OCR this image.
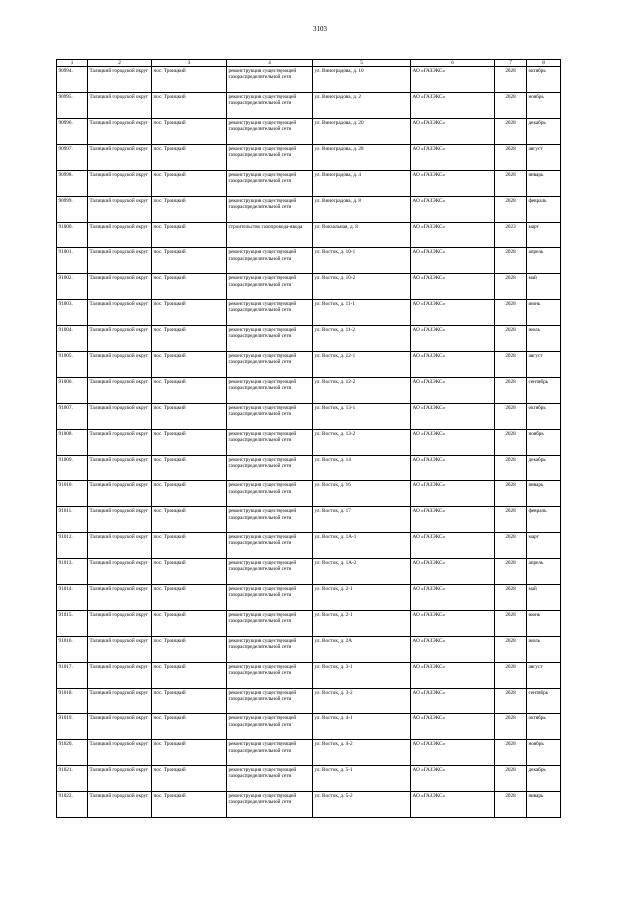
3103
1	2	3	4	5	6	7	8
90994.	Талицкий городской округ	пос. Троицкий	реконструкция существующей газораспределительной сети	ул. Виноградова, д. 10	АО «ГАЗЭКС»	2028	октябрь
90995.	Талицкий городской округ	пос. Троицкий	реконструкция существующей газораспределительной сети	ул. Виноградова, д. 2	АО «ГАЗЭКС»	2028	ноябрь
90996.	Талицкий городской округ	пос. Троицкий	реконструкция существующей газораспределительной сети	ул. Виноградова, д. 20	АО «ГАЗЭКС»	2028	декабрь
90997.	Талицкий городской округ	пос. Троицкий	реконструкция существующей газораспределительной сети	ул. Виноградова, д. 28	АО «ГАЗЭКС»	2028	август
90998.	Талицкий городской округ	пос. Троицкий	реконструкция существующей газораспределительной сети	ул. Виноградова, д. 4	АО «ГАЗЭКС»	2028	январь
90999.	Талицкий городской округ	пос. Троицкий	реконструкция существующей газораспределительной сети	ул. Виноградова, д. 8	АО «ГАЗЭКС»	2028	февраль
91000.	Талицкий городской округ	пос. Троицкий	строительство газопровода-ввода	ул. Вокзальная, д. 8	АО «ГАЗЭКС»	2023	март
91001.	Талицкий городской округ	пос. Троицкий	реконструкция существующей газораспределительной сети	ул. Восток, д. 10-1	АО «ГАЗЭКС»	2028	апрель
91002.	Талицкий городской округ	пос. Троицкий	реконструкция существующей газораспределительной сети	ул. Восток, д. 10-2	АО «ГАЗЭКС»	2028	май
91003.	Талицкий городской округ	пос. Троицкий	реконструкция существующей газораспределительной сети	ул. Восток, д. 11-1	АО «ГАЗЭКС»	2028	июнь
91004.	Талицкий городской округ	пос. Троицкий	реконструкция существующей газораспределительной сети	ул. Восток, д. 11-2	АО «ГАЗЭКС»	2028	июль
91005.	Талицкий городской округ	пос. Троицкий	реконструкция существующей газораспределительной сети	ул. Восток, д. 12-1	АО «ГАЗЭКС»	2028	август
91006.	Талицкий городской округ	пос. Троицкий	реконструкция существующей газораспределительной сети	ул. Восток, д. 12-2	АО «ГАЗЭКС»	2028	сентябрь
91007.	Талицкий городской округ	пос. Троицкий	реконструкция существующей газораспределительной сети	ул. Восток, д. 13-1	АО «ГАЗЭКС»	2028	октябрь
91008.	Талицкий городской округ	пос. Троицкий	реконструкция существующей газораспределительной сети	ул. Восток, д. 13-2	АО «ГАЗЭКС»	2028	ноябрь
91009.	Талицкий городской округ	пос. Троицкий	реконструкция существующей газораспределительной сети	ул. Восток, д. 14	АО «ГАЗЭКС»	2028	декабрь
91010.	Талицкий городской округ	пос. Троицкий	реконструкция существующей газораспределительной сети	ул. Восток, д. 16	АО «ГАЗЭКС»	2028	январь
91011.	Талицкий городской округ	пос. Троицкий	реконструкция существующей газораспределительной сети	ул. Восток, д. 17	АО «ГАЗЭКС»	2028	февраль
91012.	Талицкий городской округ	пос. Троицкий	реконструкция существующей газораспределительной сети	ул. Восток, д. 1А-1	АО «ГАЗЭКС»	2028	март
91013.	Талицкий городской округ	пос. Троицкий	реконструкция существующей газораспределительной сети	ул. Восток, д. 1А-2	АО «ГАЗЭКС»	2028	апрель
91014.	Талицкий городской округ	пос. Троицкий	реконструкция существующей газораспределительной сети	ул. Восток, д. 2-1	АО «ГАЗЭКС»	2028	май
91015.	Талицкий городской округ	пос. Троицкий	реконструкция существующей газораспределительной сети	ул. Восток, д. 2-1	АО «ГАЗЭКС»	2028	июнь
91016.	Талицкий городской округ	пос. Троицкий	реконструкция существующей газораспределительной сети	ул. Восток, д. 2А	АО «ГАЗЭКС»	2028	июль
91017.	Талицкий городской округ	пос. Троицкий	реконструкция существующей газораспределительной сети	ул. Восток, д. 3-1	АО «ГАЗЭКС»	2028	август
91018.	Талицкий городской округ	пос. Троицкий	реконструкция существующей газораспределительной сети	ул. Восток, д. 3-2	АО «ГАЗЭКС»	2028	сентябрь
91019.	Талицкий городской округ	пос. Троицкий	реконструкция существующей газораспределительной сети	ул. Восток, д. 4-1	АО «ГАЗЭКС»	2028	октябрь
91020.	Талицкий городской округ	пос. Троицкий	реконструкция существующей газораспределительной сети	ул. Восток, д. 4-2	АО «ГАЗЭКС»	2028	ноябрь
91021.	Талицкий городской округ	пос. Троицкий	реконструкция существующей газораспределительной сети	ул. Восток, д. 5-1	АО «ГАЗЭКС»	2028	декабрь
91022.	Талицкий городской округ	пос. Троицкий	реконструкция существующей газораспределительной сети	ул. Восток, д. 5-2	АО «ГАЗЭКС»	2028	январь
